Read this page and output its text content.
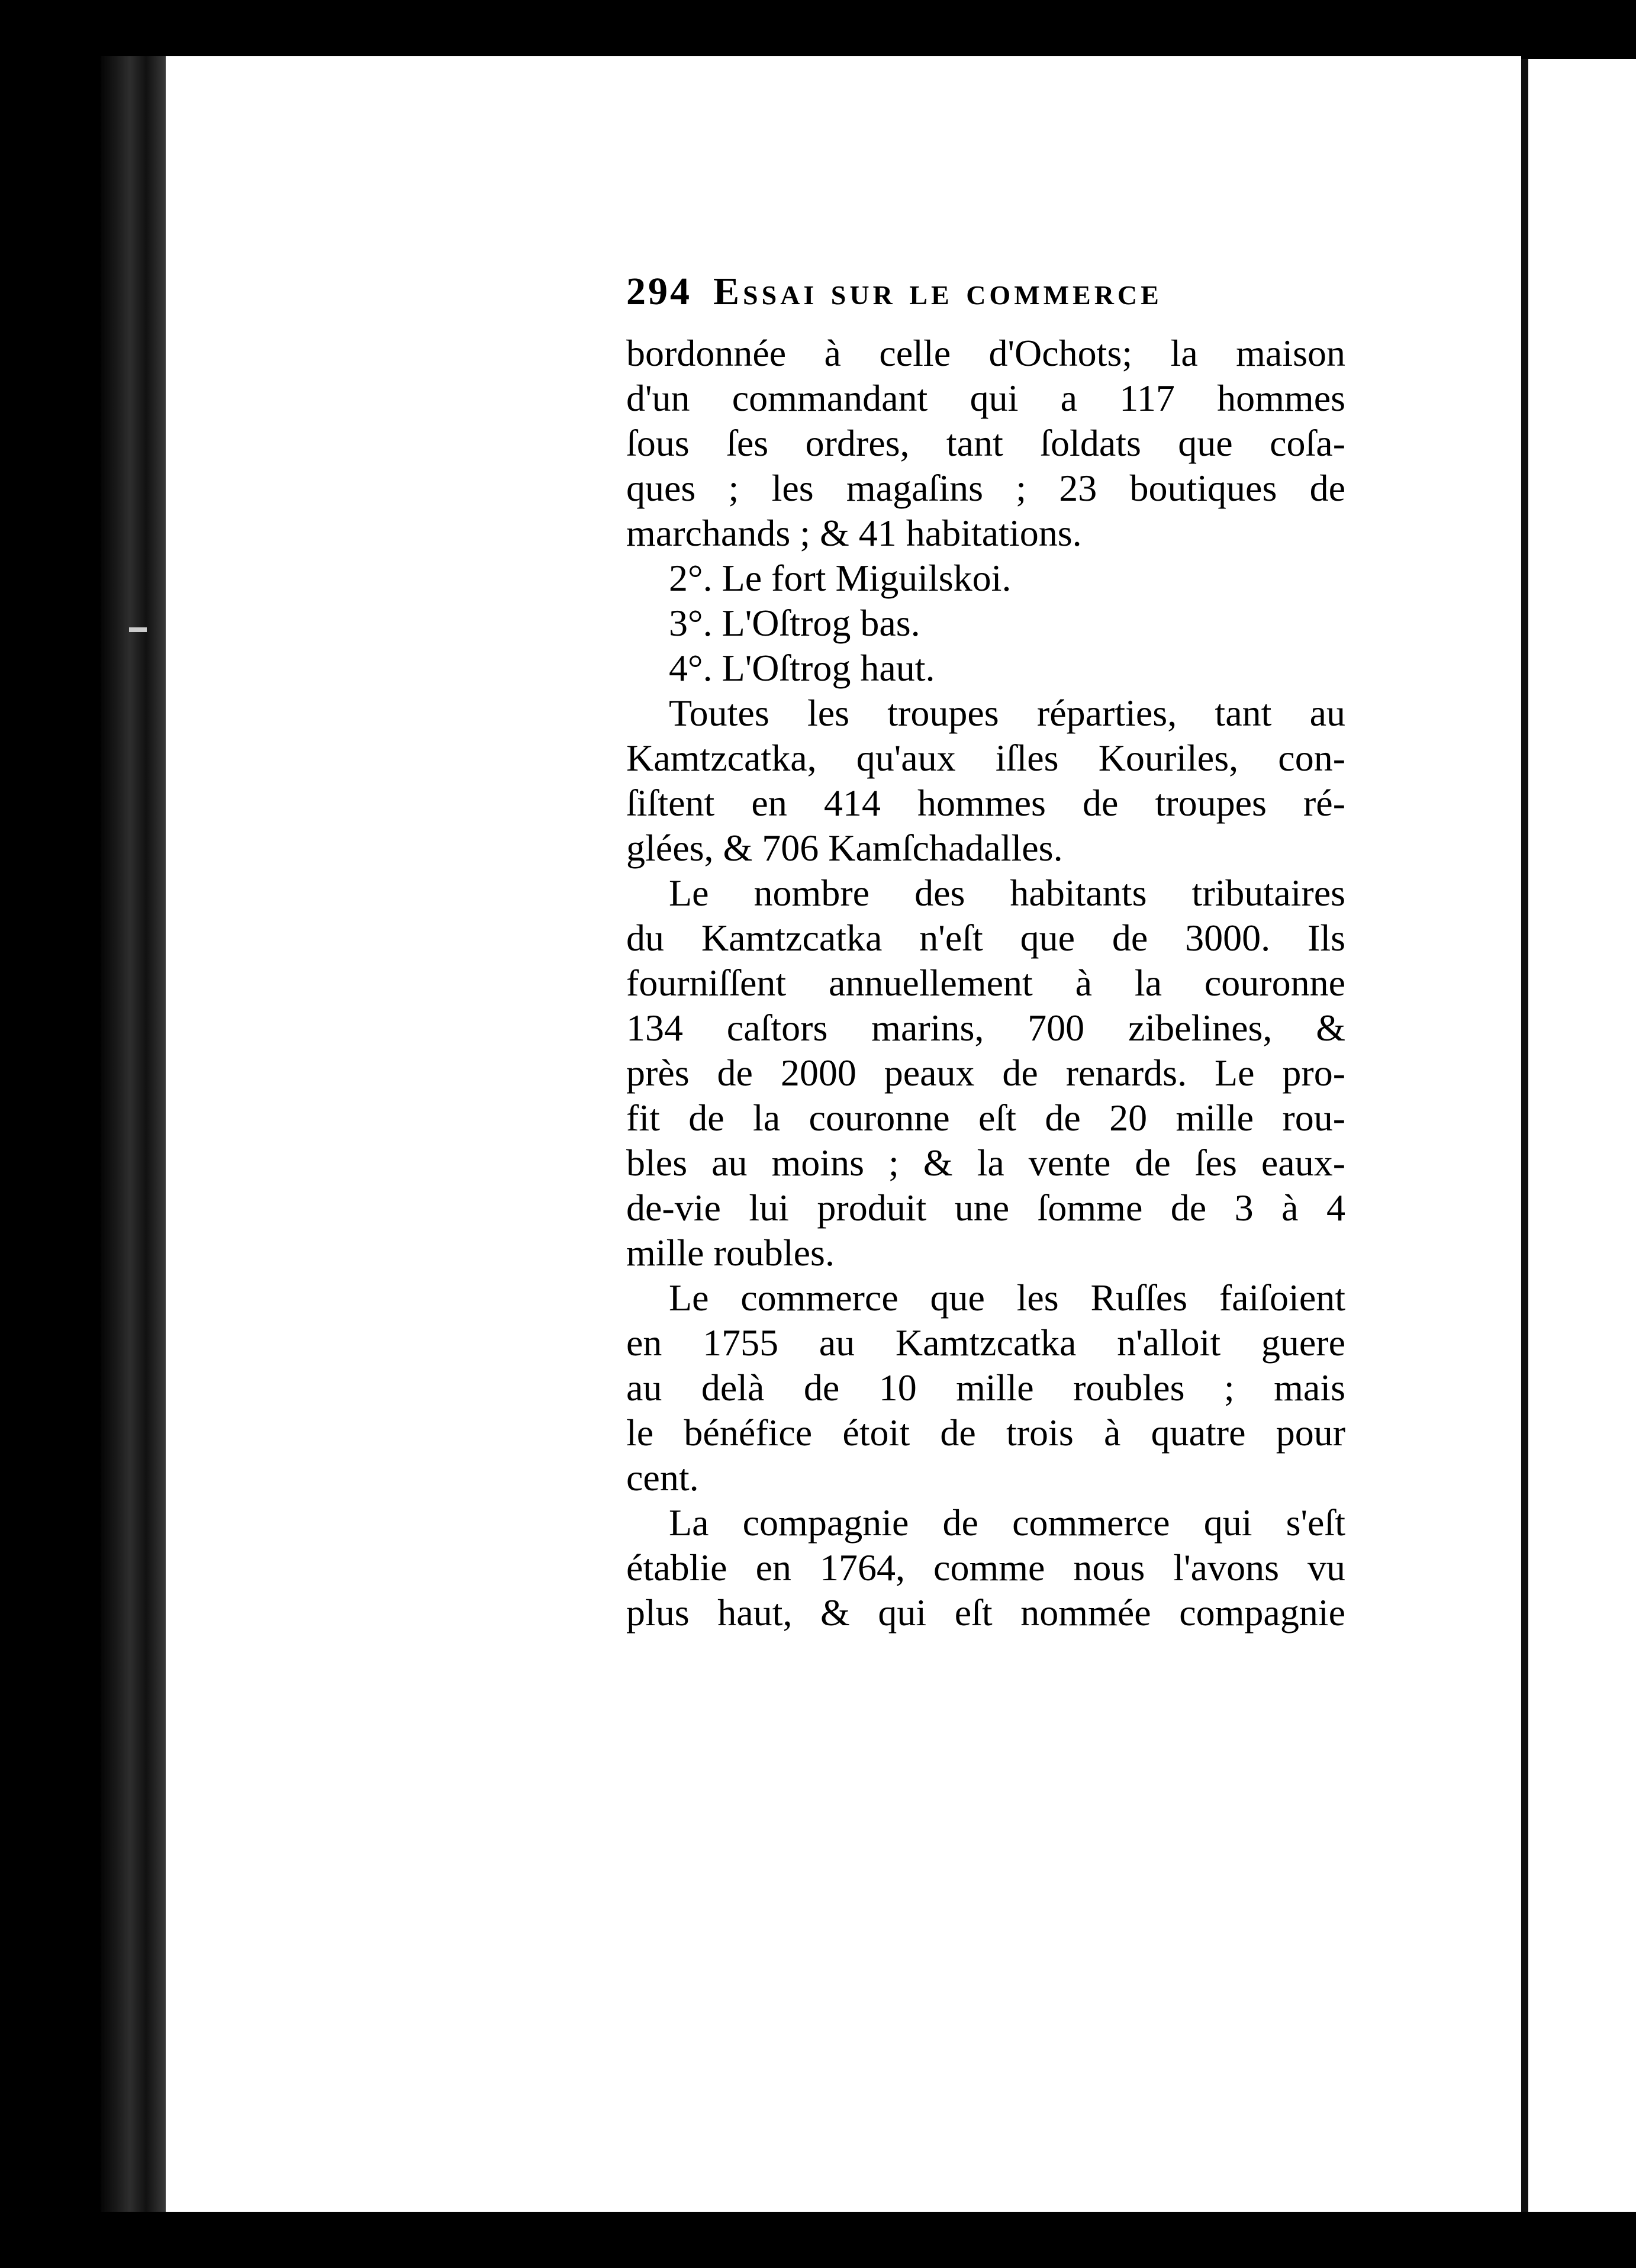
294 Essai sur le commerce
bordonnée à celle d'Ochots; la maison
d'un commandant qui a 117 hommes
ſous ſes ordres, tant ſoldats que coſa-
ques ; les magaſins ; 23 boutiques de
marchands ; & 41 habitations.
2°. Le fort Miguilskoi.
3°. L'Oſtrog bas.
4°. L'Oſtrog haut.
Toutes les troupes réparties, tant au
Kamtzcatka, qu'aux iſles Kouriles, con-
ſiſtent en 414 hommes de troupes ré-
glées, & 706 Kamſchadalles.
Le nombre des habitants tributaires
du Kamtzcatka n'eſt que de 3000. Ils
fourniſſent annuellement à la couronne
134 caſtors marins, 700 zibelines, &
près de 2000 peaux de renards. Le pro-
fit de la couronne eſt de 20 mille rou-
bles au moins ; & la vente de ſes eaux-
de-vie lui produit une ſomme de 3 à 4
mille roubles.
Le commerce que les Ruſſes faiſoient
en 1755 au Kamtzcatka n'alloit guere
au delà de 10 mille roubles ; mais
le bénéfice étoit de trois à quatre pour
cent.
La compagnie de commerce qui s'eſt
établie en 1764, comme nous l'avons vu
plus haut, & qui eſt nommée compagnie
